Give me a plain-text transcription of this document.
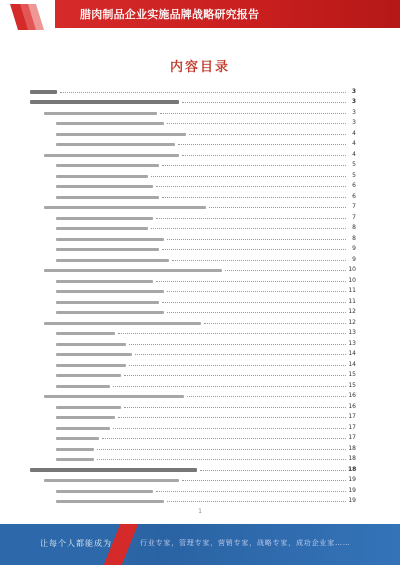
腊肉制品企业实施品牌战略研究报告
内容目录
3
3
3
3
4
4
4
5
5
6
6
7
7
8
8
9
9
10
10
11
11
12
12
13
13
14
14
15
15
16
16
17
17
17
18
18
18
19
19
19
1
让每个人都能成为	行业专家，管理专家，营销专家，战略专家，成功企业家……
